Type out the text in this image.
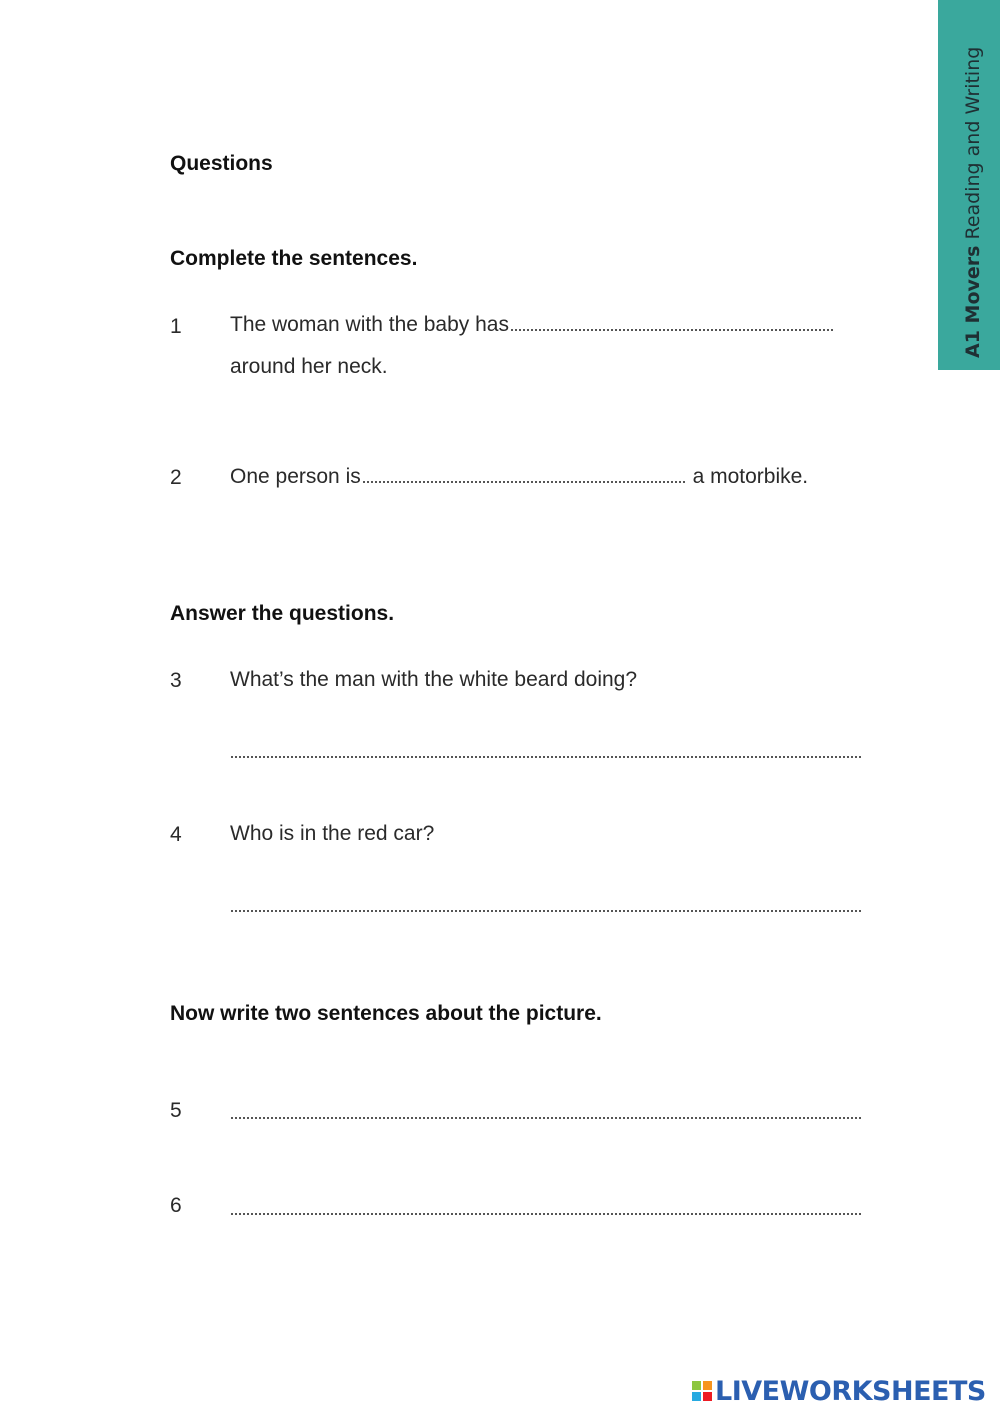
A1 Movers Reading and Writing
Questions
Complete the sentences.
1 The woman with the baby has
around her neck.
2 One person is	a motorbike.
Answer the questions.
3 What’s the man with the white beard doing?
4 Who is in the red car?
Now write two sentences about the picture.
5
6
LIVEWORKSHEETS
